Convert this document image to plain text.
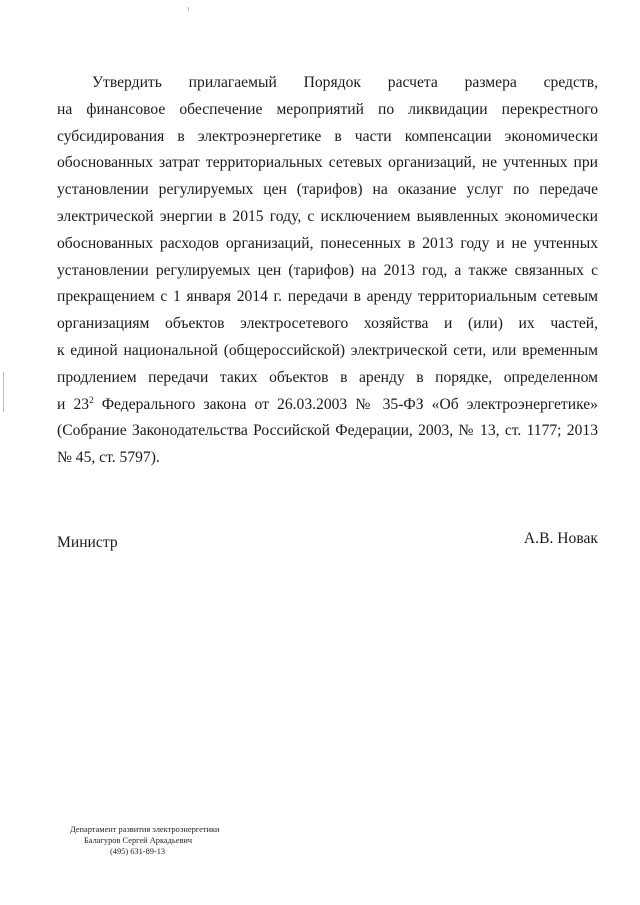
Утвердить прилагаемый Порядок расчета размера средств,
на финансовое обеспечение мероприятий по ликвидации перекрестного
субсидирования в электроэнергетике в части компенсации экономически
обоснованных затрат территориальных сетевых организаций, не учтенных при
установлении регулируемых цен (тарифов) на оказание услуг по передаче
электрической энергии в 2015 году, с исключением выявленных экономически
обоснованных расходов организаций, понесенных в 2013 году и не учтенных
установлении регулируемых цен (тарифов) на 2013 год, а также связанных с
прекращением с 1 января 2014 г. передачи в аренду территориальным сетевым
организациям объектов электросетевого хозяйства и (или) их частей,
к единой национальной (общероссийской) электрической сети, или временным
продлением передачи таких объектов в аренду в порядке, определенном
и $23^2$ Федерального закона от 26.03.2003 № 35-ФЗ «Об электроэнергетике»
(Собрание Законодательства Российской Федерации, 2003, № 13, ст. 1177; 2013
№ 45, ст. 5797).
Министр	А.В. Новак
Департамент развития электроэнергетики
Балагуров Сергей Аркадьевич
(495) 631-89-13
